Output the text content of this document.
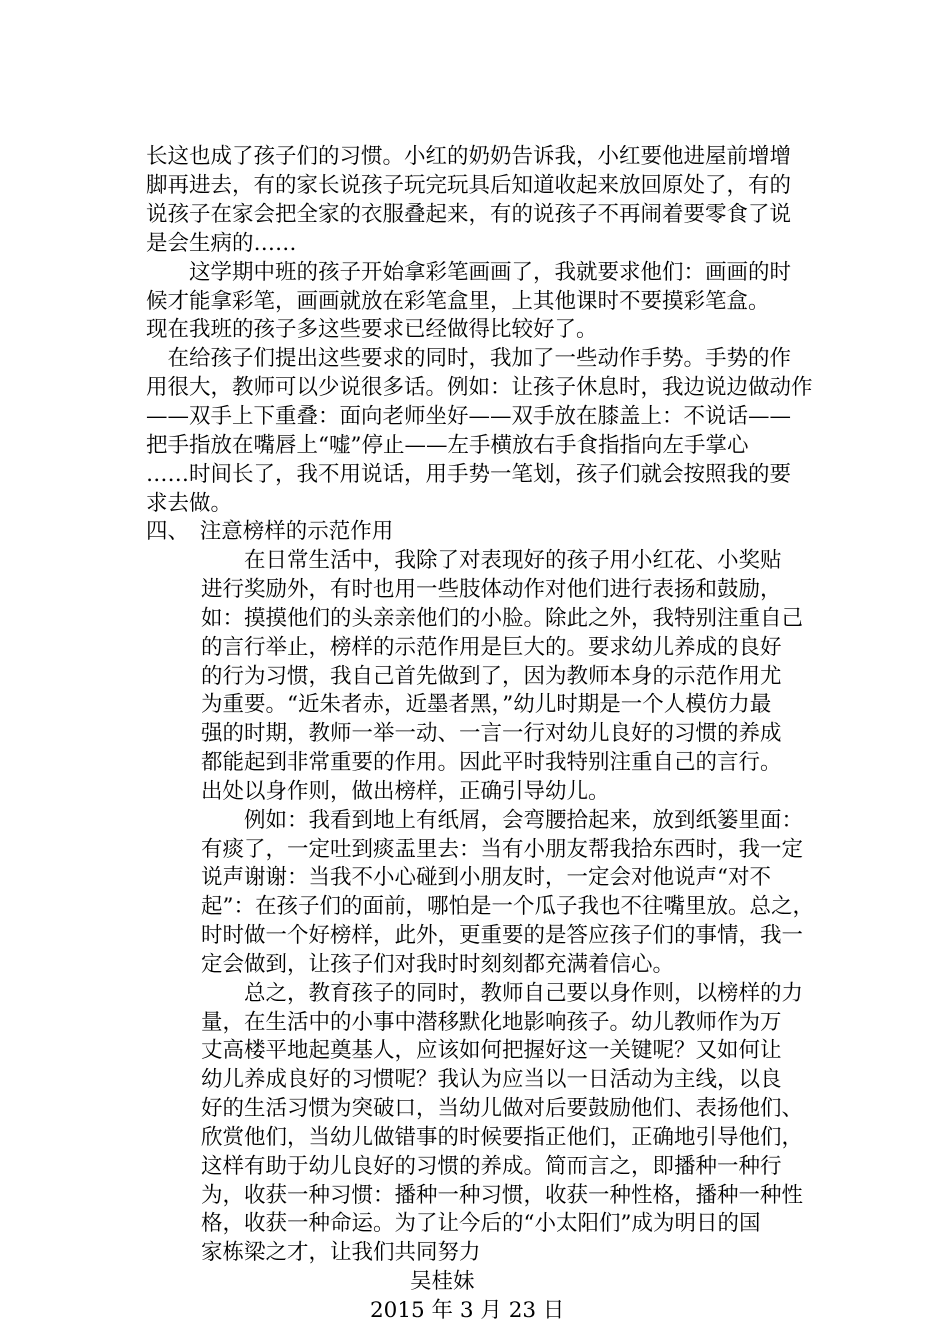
长这也成了孩子们的习惯。小红的奶奶告诉我，小红要他进屋前增增
脚再进去，有的家长说孩子玩完玩具后知道收起来放回原处了，有的
说孩子在家会把全家的衣服叠起来，有的说孩子不再闹着要零食了说
是会生病的……
　　这学期中班的孩子开始拿彩笔画画了，我就要求他们：画画的时
候才能拿彩笔，画画就放在彩笔盒里，上其他课时不要摸彩笔盒。
现在我班的孩子多这些要求已经做得比较好了。
　在给孩子们提出这些要求的同时，我加了一些动作手势。手势的作
用很大，教师可以少说很多话。例如：让孩子休息时，我边说边做动作
——双手上下重叠：面向老师坐好——双手放在膝盖上：不说话——
把手指放在嘴唇上“嘘”停止——左手横放右手食指指向左手掌心
……时间长了，我不用说话，用手势一笔划，孩子们就会按照我的要
求去做。
四、　注意榜样的示范作用
　　在日常生活中，我除了对表现好的孩子用小红花、小奖贴
进行奖励外，有时也用一些肢体动作对他们进行表扬和鼓励，
如：摸摸他们的头亲亲他们的小脸。除此之外，我特别注重自己
的言行举止，榜样的示范作用是巨大的。要求幼儿养成的良好
的行为习惯，我自己首先做到了，因为教师本身的示范作用尤
为重要。“近朱者赤，近墨者黑，”幼儿时期是一个人模仿力最
强的时期，教师一举一动、一言一行对幼儿良好的习惯的养成
都能起到非常重要的作用。因此平时我特别注重自己的言行。
出处以身作则，做出榜样，正确引导幼儿。
　　例如：我看到地上有纸屑，会弯腰拾起来，放到纸篓里面：
有痰了，一定吐到痰盂里去：当有小朋友帮我拾东西时，我一定
说声谢谢：当我不小心碰到小朋友时，一定会对他说声“对不
起”：在孩子们的面前，哪怕是一个瓜子我也不往嘴里放。总之，
时时做一个好榜样，此外，更重要的是答应孩子们的事情，我一
定会做到，让孩子们对我时时刻刻都充满着信心。
　　总之，教育孩子的同时，教师自己要以身作则，以榜样的力
量，在生活中的小事中潜移默化地影响孩子。幼儿教师作为万
丈高楼平地起奠基人，应该如何把握好这一关键呢？又如何让
幼儿养成良好的习惯呢？我认为应当以一日活动为主线，以良
好的生活习惯为突破口，当幼儿做对后要鼓励他们、表扬他们、
欣赏他们，当幼儿做错事的时候要指正他们，正确地引导他们，
这样有助于幼儿良好的习惯的养成。简而言之，即播种一种行
为，收获一种习惯：播种一种习惯，收获一种性格，播种一种性
格，收获一种命运。为了让今后的“小太阳们”成为明日的国
家栋梁之才，让我们共同努力
吴桂妹
2015 年 3 月 23 日
